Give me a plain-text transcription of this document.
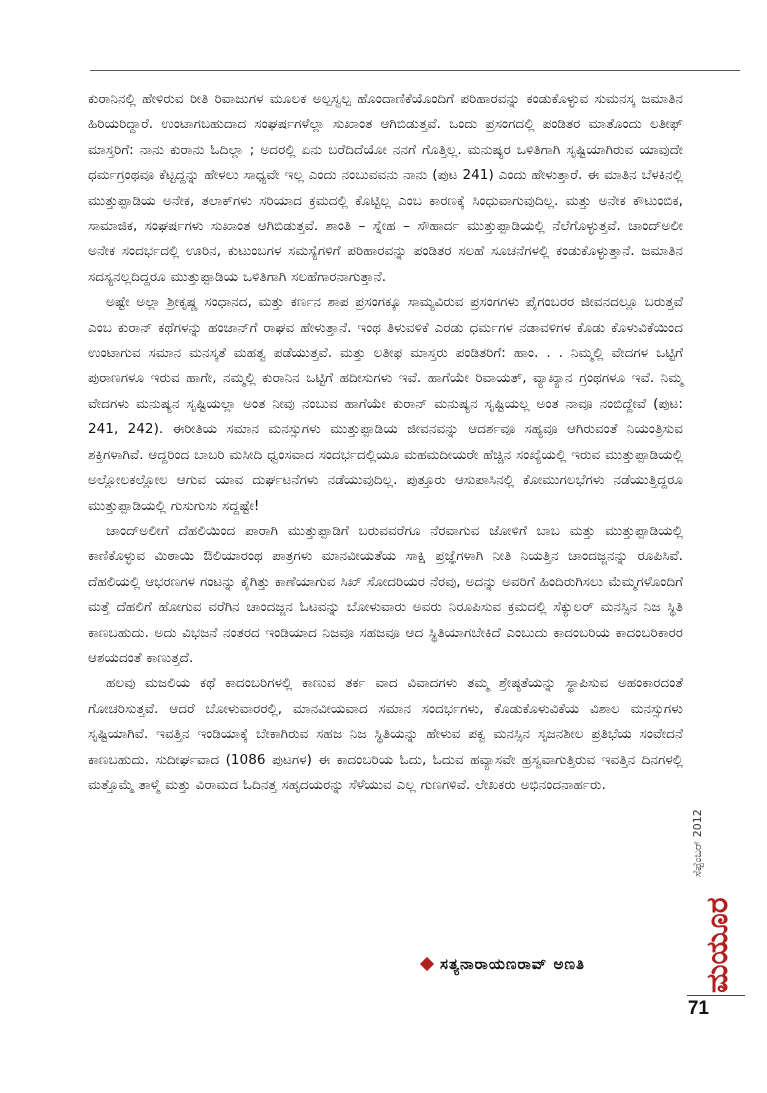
ಕುರಾನಿನಲ್ಲಿ ಹೇಳಿರುವ ರೀತಿ ರಿವಾಜುಗಳ ಮೂಲಕ ಅಲ್ಪಸ್ವಲ್ಪ ಹೊಂದಾಣಿಕೆಯೊಂದಿಗೆ ಪರಿಹಾರವನ್ನು ಕಂಡುಕೊಳ್ಳುವ ಸುಮನಸ್ಕ ಜಮಾತಿನ ಹಿರಿಯರಿದ್ದಾರೆ. ಉಂಟಾಗಬಹುದಾದ ಸಂಘರ್ಷಗಳೆಲ್ಲಾ ಸುಖಾಂತ ಆಗಿಬಿಡುತ್ತವೆ. ಒಂದು ಪ್ರಸಂಗದಲ್ಲಿ ಪಂಡಿತರ ಮಾತೊಂದು ಲತೀಫ್ ಮಾಸ್ತರಿಗೆ: ನಾನು ಕುರಾನು ಓದಿಲ್ಲಾ ; ಅದರಲ್ಲಿ ಏನು ಬರೆದಿದೆಯೋ ನನಗೆ ಗೊತ್ತಿಲ್ಲ. ಮನುಷ್ಯರ ಒಳಿತಿಗಾಗಿ ಸೃಷ್ಟಿಯಾಗಿರುವ ಯಾವುದೇ ಧರ್ಮಗ್ರಂಥವೂ ಕೆಟ್ಟದ್ದನ್ನು ಹೇಳಲು ಸಾಧ್ಯವೇ ಇಲ್ಲ ಎಂದು ನಂಬುವವನು ನಾನು (ಪುಟ 241) ಎಂದು ಹೇಳುತ್ತಾರೆ. ಈ ಮಾತಿನ ಬೆಳಕಿನಲ್ಲಿ ಮುತ್ತುಪ್ಪಾಡಿಯ ಅನೇಕ, ತಲಾಕ್‌ಗಳು ಸರಿಯಾದ ಕ್ರಮದಲ್ಲಿ ಕೊಟ್ಟಿಲ್ಲ ಎಂಬ ಕಾರಣಕ್ಕೆ ಸಿಂಧುವಾಗುವುದಿಲ್ಲ. ಮತ್ತು ಅನೇಕ ಕೌಟುಂಬಿಕ, ಸಾಮಾಜಿಕ, ಸಂಘರ್ಷಗಳು ಸುಖಾಂತ ಆಗಿಬಿಡುತ್ತವೆ. ಶಾಂತಿ – ಸ್ನೇಹ – ಸೌಹಾರ್ದ ಮುತ್ತುಪ್ಪಾಡಿಯಲ್ಲಿ ನೆಲೆಗೊಳ್ಳುತ್ತವೆ. ಚಾಂದ್‌ಅಲೀ ಅನೇಕ ಸಂದರ್ಭದಲ್ಲಿ ಊರಿನ, ಕುಟುಂಬಗಳ ಸಮಸ್ಯೆಗಳಿಗೆ ಪರಿಹಾರವನ್ನು ಪಂಡಿತರ ಸಲಹೆ ಸೂಚನೆಗಳಲ್ಲಿ ಕಂಡುಕೊಳ್ಳುತ್ತಾನೆ. ಜಮಾತಿನ ಸದಸ್ಯನಲ್ಲದಿದ್ದರೂ ಮುತ್ತುಪ್ಪಾಡಿಯ ಒಳಿತಿಗಾಗಿ ಸಲಹೆಗಾರನಾಗುತ್ತಾನೆ.

ಅಷ್ಟೇ ಅಲ್ಲಾ ಶ್ರೀಕೃಷ್ಣ ಸಂಧಾನದ, ಮತ್ತು ಕರ್ಣನ ಶಾಪ ಪ್ರಸಂಗಕ್ಕೂ ಸಾಮ್ಯವಿರುವ ಪ್ರಸಂಗಗಳು ಪೈಗಂಬರರ ಜೀವನದಲ್ಲೂ ಬರುತ್ತವೆ ಎಂಬ ಕುರಾನ್ ಕಥೆಗಳನ್ನು ಹಂಜಾನ್‌ಗೆ ರಾಘವ ಹೇಳುತ್ತಾನೆ. ಇಂಥ ತಿಳುವಳಿಕೆ ಎರಡು ಧರ್ಮಗಳ ನಡಾವಳಿಗಳ ಕೊಡು ಕೊಳುವಿಕೆಯಿಂದ ಉಂಟಾಗುವ ಸಮಾನ ಮನಸ್ಕತೆ ಮಹತ್ವ ಪಡೆಯುತ್ತವೆ. ಮತ್ತು ಲತೀಫ ಮಾಸ್ತರು ಪಂಡಿತರಿಗೆ: ಹಾಂ. . . ನಿಮ್ಮಲ್ಲಿ ವೇದಗಳ ಒಟ್ಟಿಗೆ ಪುರಾಣಗಳೂ ಇರುವ ಹಾಗೇ, ನಮ್ಮಲ್ಲಿ ಕುರಾನಿನ ಒಟ್ಟಿಗೆ ಹದೀಸುಗಳು ಇವೆ. ಹಾಗೆಯೇ ರಿವಾಯತ್, ವ್ಯಾಖ್ಯಾನ ಗ್ರಂಥಗಳೂ ಇವೆ. ನಿಮ್ಮ ವೇದಗಳು ಮನುಷ್ಯನ ಸೃಷ್ಟಿಯಲ್ಲಾ ಅಂತ ನೀವು ನಂಬುವ ಹಾಗೆಯೇ ಕುರಾನ್ ಮನುಷ್ಯನ ಸೃಷ್ಟಿಯಲ್ಲ ಅಂತ ನಾವೂ ನಂಬಿದ್ದೇವೆ (ಪುಟ: 241, 242). ಈರೀತಿಯ ಸಮಾನ ಮನಸ್ಸುಗಳು ಮುತ್ತುಪ್ಪಾಡಿಯ ಜೀವನವನ್ನು ಆದರ್ಶವೂ ಸಹ್ಯವೂ ಆಗಿರುವಂತೆ ನಿಯಂತ್ರಿಸುವ ಶಕ್ತಿಗಳಾಗಿವೆ. ಆದ್ದರಿಂದ ಬಾಬರಿ ಮಸೀದಿ ಧ್ವಂಸವಾದ ಸಂದರ್ಭದಲ್ಲಿಯೂ ಮಹಮದೀಯರೇ ಹೆಚ್ಚಿನ ಸಂಖ್ಯೆಯಲ್ಲಿ ಇರುವ ಮುತ್ತುಪ್ಪಾಡಿಯಲ್ಲಿ ಅಲ್ಲೋಲಕಲ್ಲೋಲ ಆಗುವ ಯಾವ ದುರ್ಘಟನೆಗಳು ನಡೆಯುವುದಿಲ್ಲ. ಪುತ್ತೂರು ಆಸುಪಾಸಿನಲ್ಲಿ ಕೋಮುಗಲಭೆಗಳು ನಡೆಯುತ್ತಿದ್ದರೂ ಮುತ್ತುಪ್ಪಾಡಿಯಲ್ಲಿ ಗುಸುಗುಸು ಸದ್ದಷ್ಟೇ!

ಚಾಂದ್‌ಅಲೀಗೆ ದೆಹಲಿಯಿಂದ ಪಾರಾಗಿ ಮುತ್ತುಪ್ಪಾಡಿಗೆ ಬರುವವರೆಗೂ ನೆರವಾಗುವ ಜೋಳಿಗೆ ಬಾಬ ಮತ್ತು ಮುತ್ತುಪ್ಪಾಡಿಯಲ್ಲಿ ಕಾಣಿಕೊಳ್ಳುವ ಮಿಠಾಯಿ ಔಲಿಯಾರಂಥ ಪಾತ್ರಗಳು ಮಾನವೀಯತೆಯ ಸಾಕ್ಷಿ ಪ್ರಜ್ಞೆಗಳಾಗಿ ನೀತಿ ನಿಯತ್ತಿನ ಚಾಂದಜ್ಜನನ್ನು ರೂಪಿಸಿವೆ. ದೆಹಲಿಯಲ್ಲಿ ಆಭರಣಗಳ ಗಂಟನ್ನು ಕೈಗಿತ್ತು ಕಾಣೆಯಾಗುವ ಸಿಖ್ ಸೋದರಿಯರ ನೆರವು, ಅದನ್ನು ಅವರಿಗೆ ಹಿಂದಿರುಗಿಸಲು ಮೆಮ್ಮಗಳೊಂದಿಗೆ ಮತ್ತೆ ದೆಹಲಿಗೆ ಹೋಗುವ ವರೆಗಿನ ಚಾಂದಜ್ಜನ ಓಟವನ್ನು ಬೋಳುವಾರು ಅವರು ನಿರೂಪಿಸುವ ಕ್ರಮದಲ್ಲಿ ಸೆಕ್ಯುಲರ್ ಮನಸ್ಸಿನ ನಿಜ ಸ್ಥಿತಿ ಕಾಣಬಹುದು. ಅದು ವಿಭಜನೆ ನಂತರದ ಇಂಡಿಯಾದ ನಿಜವೂ ಸಹಜವೂ ಆದ ಸ್ಥಿತಿಯಾಗಬೇಕಿದೆ ಎಂಬುದು ಕಾದಂಬರಿಯ ಕಾದಂಬರಿಕಾರರ ಆಶಯದಂತೆ ಕಾಣುತ್ತದೆ.

ಹಲವು ಮಜಲಿಯ ಕಥೆ ಕಾದಂಬರಿಗಳಲ್ಲಿ ಕಾಣುವ ತರ್ಕ ವಾದ ವಿವಾದಗಳು ತಮ್ಮ ಶ್ರೇಷ್ಠತೆಯನ್ನು ಸ್ಥಾಪಿಸುವ ಅಹಂಕಾರದಂತೆ ಗೋಚರಿಸುತ್ತವೆ. ಆದರೆ ಬೋಳುವಾರರಲ್ಲಿ, ಮಾನವೀಯವಾದ ಸಮಾನ ಸಂದರ್ಭಗಳು, ಕೊಡುಕೊಳುವಿಕೆಯ ವಿಶಾಲ ಮನಸ್ಸುಗಳು ಸೃಷ್ಟಿಯಾಗಿವೆ. ಇವತ್ತಿನ ಇಂಡಿಯಾಕ್ಕೆ ಬೇಕಾಗಿರುವ ಸಹಜ ನಿಜ ಸ್ಥಿತಿಯನ್ನು ಹೇಳುವ ಪಕ್ವ ಮನಸ್ಸಿನ ಸೃಜನಶೀಲ ಪ್ರತಿಭೆಯ ಸಂವೇದನೆ ಕಾಣಬಹುದು. ಸುದೀರ್ಘವಾದ (1086 ಪುಟಗಳ) ಈ ಕಾದಂಬರಿಯ ಓದು, ಓದುವ ಹವ್ಯಾಸವೇ ಹ್ರಸ್ವವಾಗುತ್ತಿರುವ ಇವತ್ತಿನ ದಿನಗಳಲ್ಲಿ ಮತ್ತೊಮ್ಮೆ ತಾಳ್ಮೆ ಮತ್ತು ವಿರಾಮದ ಓದಿನತ್ತ ಸಹೃದಯರನ್ನು ಸೆಳೆಯುವ ಎಲ್ಲ ಗುಣಗಳಿವೆ. ಲೇಖಕರು ಅಭಿನಂದನಾರ್ಹರು.

ಸತ್ಯನಾರಾಯಣರಾವ್ ಅಣತಿ	ಮಯೂರ
ಸೆಪ್ಟೆಂಬರ್ 2012
71
